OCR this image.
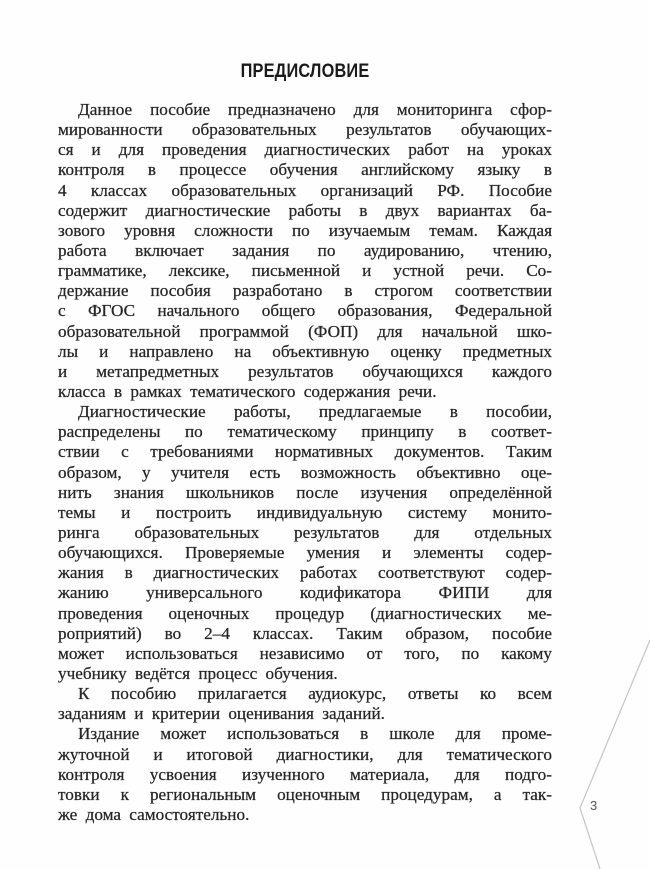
ПРЕДИСЛОВИЕ
Данное пособие предназначено для мониторинга сфор-
мированности образовательных результатов обучающих-
ся и для проведения диагностических работ на уроках
контроля в процессе обучения английскому языку в
4 классах образовательных организаций РФ. Пособие
содержит диагностические работы в двух вариантах ба-
зового уровня сложности по изучаемым темам. Каждая
работа включает задания по аудированию, чтению,
грамматике, лексике, письменной и устной речи. Со-
держание пособия разработано в строгом соответствии
с ФГОС начального общего образования, Федеральной
образовательной программой (ФОП) для начальной шко-
лы и направлено на объективную оценку предметных
и метапредметных результатов обучающихся каждого
класса в рамках тематического содержания речи.
Диагностические работы, предлагаемые в пособии,
распределены по тематическому принципу в соответ-
ствии с требованиями нормативных документов. Таким
образом, у учителя есть возможность объективно оце-
нить знания школьников после изучения определённой
темы и построить индивидуальную систему монито-
ринга образовательных результатов для отдельных
обучающихся. Проверяемые умения и элементы содер-
жания в диагностических работах соответствуют содер-
жанию универсального кодификатора ФИПИ для
проведения оценочных процедур (диагностических ме-
роприятий) во 2–4 классах. Таким образом, пособие
может использоваться независимо от того, по какому
учебнику ведётся процесс обучения.
К пособию прилагается аудиокурс, ответы ко всем
заданиям и критерии оценивания заданий.
Издание может использоваться в школе для проме-
жуточной и итоговой диагностики, для тематического
контроля усвоения изученного материала, для подго-
товки к региональным оценочным процедурам, а так-
же дома самостоятельно.	3
